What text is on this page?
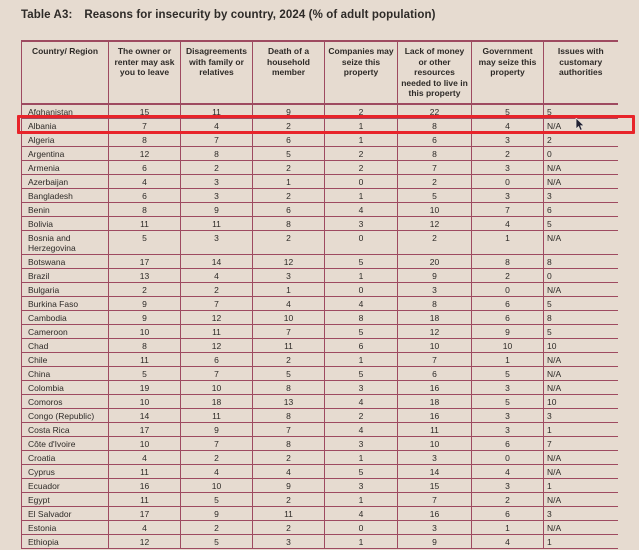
Table A3: Reasons for insecurity by country, 2024 (% of adult population)
Country/ Region	The owner or renter may ask you to leave	Disagreements with family or relatives	Death of a household member	Companies may seize this property	Lack of money or other resources needed to live in this property	Government may seize this property	Issues with customary authorities
Afghanistan	15	11	9	2	22	5	5
Albania	7	4	2	1	8	4	N/A
Algeria	8	7	6	1	6	3	2
Argentina	12	8	5	2	8	2	0
Armenia	6	2	2	2	7	3	N/A
Azerbaijan	4	3	1	0	2	0	N/A
Bangladesh	6	3	2	1	5	3	3
Benin	8	9	6	4	10	7	6
Bolivia	11	11	8	3	12	4	5
Bosnia and Herzegovina	5	3	2	0	2	1	N/A
Botswana	17	14	12	5	20	8	8
Brazil	13	4	3	1	9	2	0
Bulgaria	2	2	1	0	3	0	N/A
Burkina Faso	9	7	4	4	8	6	5
Cambodia	9	12	10	8	18	6	8
Cameroon	10	11	7	5	12	9	5
Chad	8	12	11	6	10	10	10
Chile	11	6	2	1	7	1	N/A
China	5	7	5	5	6	5	N/A
Colombia	19	10	8	3	16	3	N/A
Comoros	10	18	13	4	18	5	10
Congo (Republic)	14	11	8	2	16	3	3
Costa Rica	17	9	7	4	11	3	1
Côte d'Ivoire	10	7	8	3	10	6	7
Croatia	4	2	2	1	3	0	N/A
Cyprus	11	4	4	5	14	4	N/A
Ecuador	16	10	9	3	15	3	1
Egypt	11	5	2	1	7	2	N/A
El Salvador	17	9	11	4	16	6	3
Estonia	4	2	2	0	3	1	N/A
Ethiopia	12	5	3	1	9	4	1
